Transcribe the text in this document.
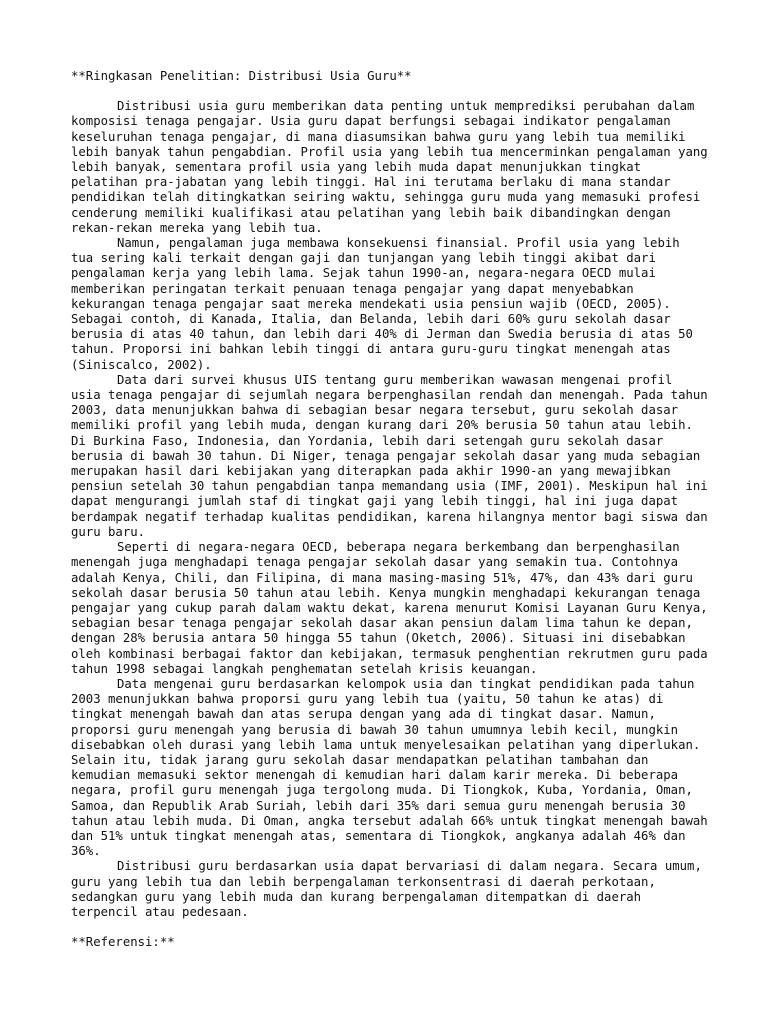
**Ringkasan Penelitian: Distribusi Usia Guru**

Distribusi usia guru memberikan data penting untuk memprediksi perubahan dalam komposisi tenaga pengajar. Usia guru dapat berfungsi sebagai indikator pengalaman keseluruhan tenaga pengajar, di mana diasumsikan bahwa guru yang lebih tua memiliki lebih banyak tahun pengabdian. Profil usia yang lebih tua mencerminkan pengalaman yang lebih banyak, sementara profil usia yang lebih muda dapat menunjukkan tingkat pelatihan pra-jabatan yang lebih tinggi. Hal ini terutama berlaku di mana standar pendidikan telah ditingkatkan seiring waktu, sehingga guru muda yang memasuki profesi cenderung memiliki kualifikasi atau pelatihan yang lebih baik dibandingkan dengan rekan-rekan mereka yang lebih tua.

Namun, pengalaman juga membawa konsekuensi finansial. Profil usia yang lebih tua sering kali terkait dengan gaji dan tunjangan yang lebih tinggi akibat dari pengalaman kerja yang lebih lama. Sejak tahun 1990-an, negara-negara OECD mulai memberikan peringatan terkait penuaan tenaga pengajar yang dapat menyebabkan kekurangan tenaga pengajar saat mereka mendekati usia pensiun wajib (OECD, 2005). Sebagai contoh, di Kanada, Italia, dan Belanda, lebih dari 60% guru sekolah dasar berusia di atas 40 tahun, dan lebih dari 40% di Jerman dan Swedia berusia di atas 50 tahun. Proporsi ini bahkan lebih tinggi di antara guru-guru tingkat menengah atas (Siniscalco, 2002).

Data dari survei khusus UIS tentang guru memberikan wawasan mengenai profil usia tenaga pengajar di sejumlah negara berpenghasilan rendah dan menengah. Pada tahun 2003, data menunjukkan bahwa di sebagian besar negara tersebut, guru sekolah dasar memiliki profil yang lebih muda, dengan kurang dari 20% berusia 50 tahun atau lebih. Di Burkina Faso, Indonesia, dan Yordania, lebih dari setengah guru sekolah dasar berusia di bawah 30 tahun. Di Niger, tenaga pengajar sekolah dasar yang muda sebagian merupakan hasil dari kebijakan yang diterapkan pada akhir 1990-an yang mewajibkan pensiun setelah 30 tahun pengabdian tanpa memandang usia (IMF, 2001). Meskipun hal ini dapat mengurangi jumlah staf di tingkat gaji yang lebih tinggi, hal ini juga dapat berdampak negatif terhadap kualitas pendidikan, karena hilangnya mentor bagi siswa dan guru baru.

Seperti di negara-negara OECD, beberapa negara berkembang dan berpenghasilan menengah juga menghadapi tenaga pengajar sekolah dasar yang semakin tua. Contohnya adalah Kenya, Chili, dan Filipina, di mana masing-masing 51%, 47%, dan 43% dari guru sekolah dasar berusia 50 tahun atau lebih. Kenya mungkin menghadapi kekurangan tenaga pengajar yang cukup parah dalam waktu dekat, karena menurut Komisi Layanan Guru Kenya, sebagian besar tenaga pengajar sekolah dasar akan pensiun dalam lima tahun ke depan, dengan 28% berusia antara 50 hingga 55 tahun (Oketch, 2006). Situasi ini disebabkan oleh kombinasi berbagai faktor dan kebijakan, termasuk penghentian rekrutmen guru pada tahun 1998 sebagai langkah penghematan setelah krisis keuangan.

Data mengenai guru berdasarkan kelompok usia dan tingkat pendidikan pada tahun 2003 menunjukkan bahwa proporsi guru yang lebih tua (yaitu, 50 tahun ke atas) di tingkat menengah bawah dan atas serupa dengan yang ada di tingkat dasar. Namun, proporsi guru menengah yang berusia di bawah 30 tahun umumnya lebih kecil, mungkin disebabkan oleh durasi yang lebih lama untuk menyelesaikan pelatihan yang diperlukan. Selain itu, tidak jarang guru sekolah dasar mendapatkan pelatihan tambahan dan kemudian memasuki sektor menengah di kemudian hari dalam karir mereka. Di beberapa negara, profil guru menengah juga tergolong muda. Di Tiongkok, Kuba, Yordania, Oman, Samoa, dan Republik Arab Suriah, lebih dari 35% dari semua guru menengah berusia 30 tahun atau lebih muda. Di Oman, angka tersebut adalah 66% untuk tingkat menengah bawah dan 51% untuk tingkat menengah atas, sementara di Tiongkok, angkanya adalah 46% dan 36%.

Distribusi guru berdasarkan usia dapat bervariasi di dalam negara. Secara umum, guru yang lebih tua dan lebih berpengalaman terkonsentrasi di daerah perkotaan, sedangkan guru yang lebih muda dan kurang berpengalaman ditempatkan di daerah terpencil atau pedesaan.

**Referensi:**
